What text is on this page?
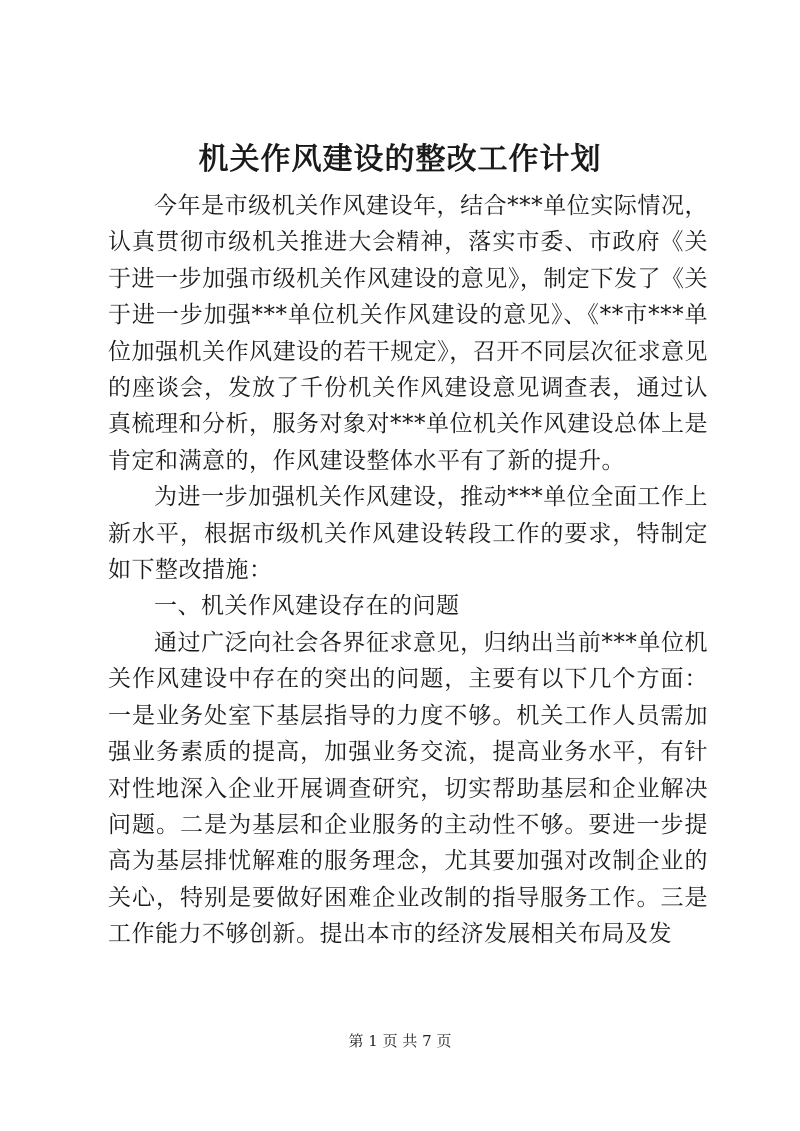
机关作风建设的整改工作计划

今年是市级机关作风建设年，结合***单位实际情况，认真贯彻市级机关推进大会精神，落实市委、市政府《关于进一步加强市级机关作风建设的意见》，制定下发了《关于进一步加强***单位机关作风建设的意见》、《**市***单位加强机关作风建设的若干规定》，召开不同层次征求意见的座谈会，发放了千份机关作风建设意见调查表，通过认真梳理和分析，服务对象对***单位机关作风建设总体上是肯定和满意的，作风建设整体水平有了新的提升。

为进一步加强机关作风建设，推动***单位全面工作上新水平，根据市级机关作风建设转段工作的要求，特制定如下整改措施：

一、机关作风建设存在的问题

通过广泛向社会各界征求意见，归纳出当前***单位机关作风建设中存在的突出的问题，主要有以下几个方面：一是业务处室下基层指导的力度不够。机关工作人员需加强业务素质的提高，加强业务交流，提高业务水平，有针对性地深入企业开展调查研究，切实帮助基层和企业解决问题。二是为基层和企业服务的主动性不够。要进一步提高为基层排忧解难的服务理念，尤其要加强对改制企业的关心，特别是要做好困难企业改制的指导服务工作。三是工作能力不够创新。提出本市的经济发展相关布局及发

第 1 页 共 7 页
